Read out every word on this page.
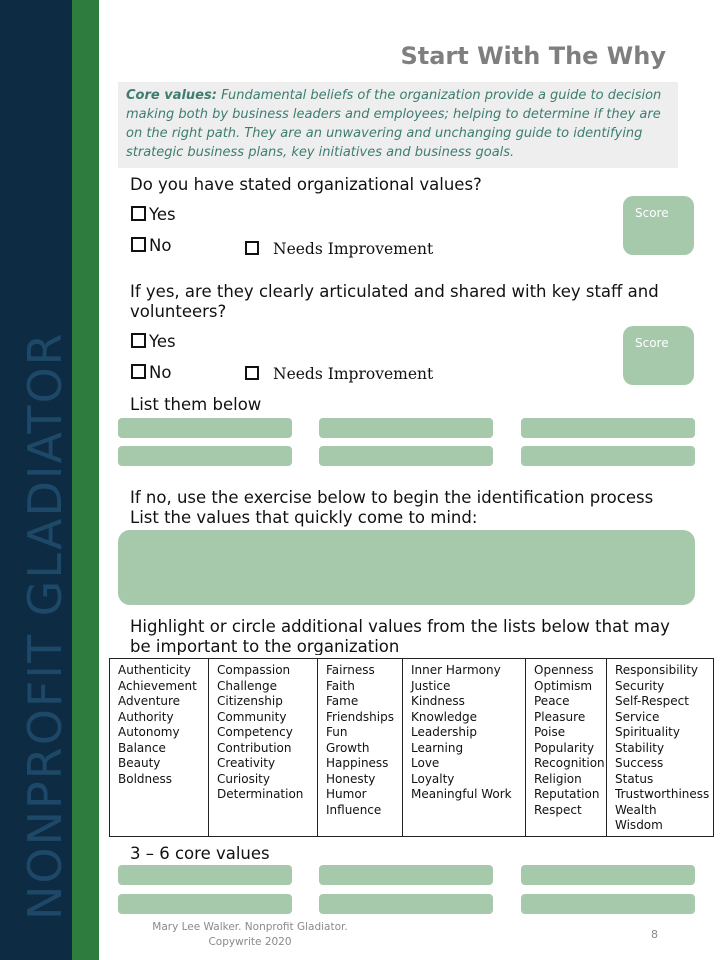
NONPROFIT GLADIATOR
Start With The Why
Core values: Fundamental beliefs of the organization provide a guide to decision making both by business leaders and employees; helping to determine if they are on the right path. They are an unwavering and unchanging guide to identifying strategic business plans, key initiatives and business goals.
Do you have stated organizational values?
Yes
No	Needs Improvement
Score
If yes, are they clearly articulated and shared with key staff and volunteers?
Yes
No	Needs Improvement
Score
List them below
If no, use the exercise below to begin the identification process
List the values that quickly come to mind:
Highlight or circle additional values from the lists below that may be important to the organization
Authenticity
Achievement
Adventure
Authority
Autonomy
Balance
Beauty
Boldness
Compassion
Challenge
Citizenship
Community
Competency
Contribution
Creativity
Curiosity
Determination
Fairness
Faith
Fame
Friendships
Fun
Growth
Happiness
Honesty
Humor
Influence
Inner Harmony
Justice
Kindness
Knowledge
Leadership
Learning
Love
Loyalty
Meaningful Work
Openness
Optimism
Peace
Pleasure
Poise
Popularity
Recognition
Religion
Reputation
Respect
Responsibility
Security
Self-Respect
Service
Spirituality
Stability
Success
Status
Trustworthiness
Wealth
Wisdom
3 – 6 core values
Mary Lee Walker. Nonprofit Gladiator.
Copywrite 2020
8
